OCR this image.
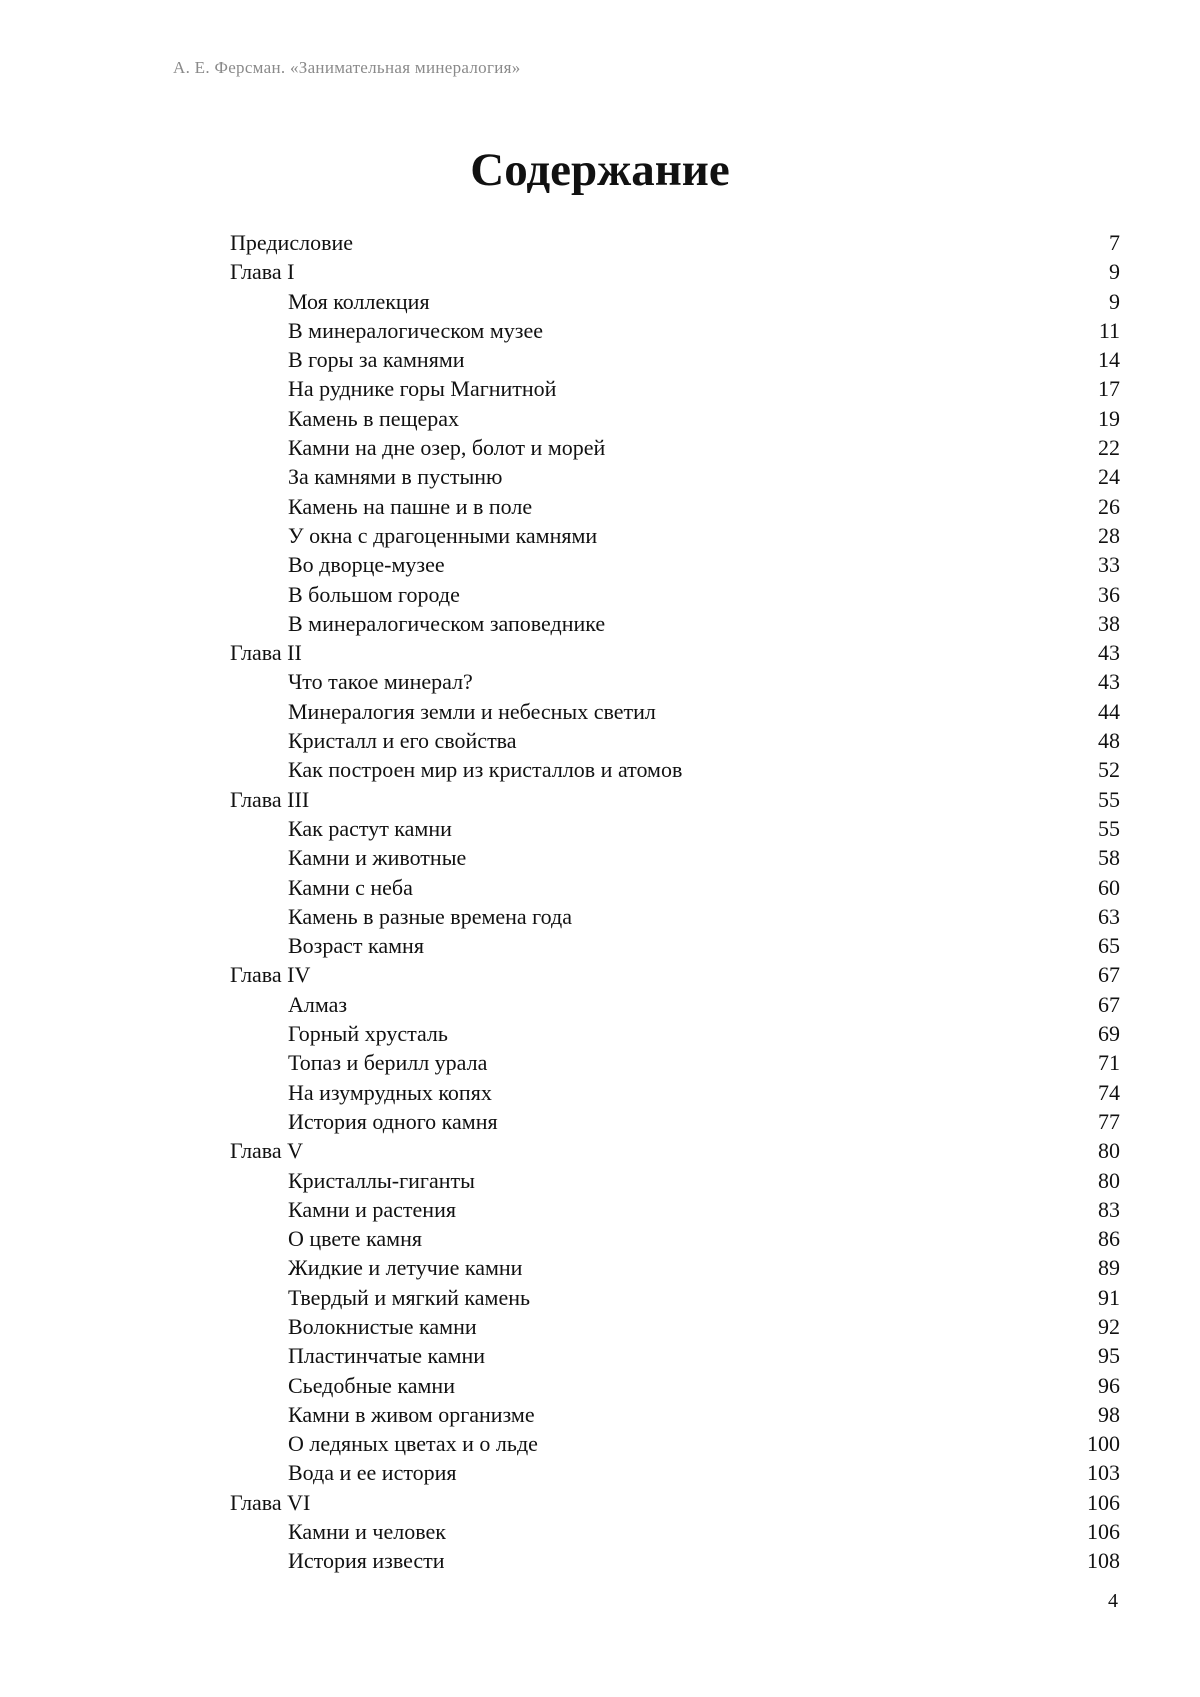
А. Е. Ферсман. «Занимательная минералогия»
Содержание
Предисловие	7
Глава I	9
Моя коллекция	9
В минералогическом музее	11
В горы за камнями	14
На руднике горы Магнитной	17
Камень в пещерах	19
Камни на дне озер, болот и морей	22
За камнями в пустыню	24
Камень на пашне и в поле	26
У окна с драгоценными камнями	28
Во дворце-музее	33
В большом городе	36
В минералогическом заповеднике	38
Глава II	43
Что такое минерал?	43
Минералогия земли и небесных светил	44
Кристалл и его свойства	48
Как построен мир из кристаллов и атомов	52
Глава III	55
Как растут камни	55
Камни и животные	58
Камни с неба	60
Камень в разные времена года	63
Возраст камня	65
Глава IV	67
Алмаз	67
Горный хрусталь	69
Топаз и берилл урала	71
На изумрудных копях	74
История одного камня	77
Глава V	80
Кристаллы-гиганты	80
Камни и растения	83
О цвете камня	86
Жидкие и летучие камни	89
Твердый и мягкий камень	91
Волокнистые камни	92
Пластинчатые камни	95
Сьедобные камни	96
Камни в живом организме	98
О ледяных цветах и о льде	100
Вода и ее история	103
Глава VI	106
Камни и человек	106
История извести	108
4
